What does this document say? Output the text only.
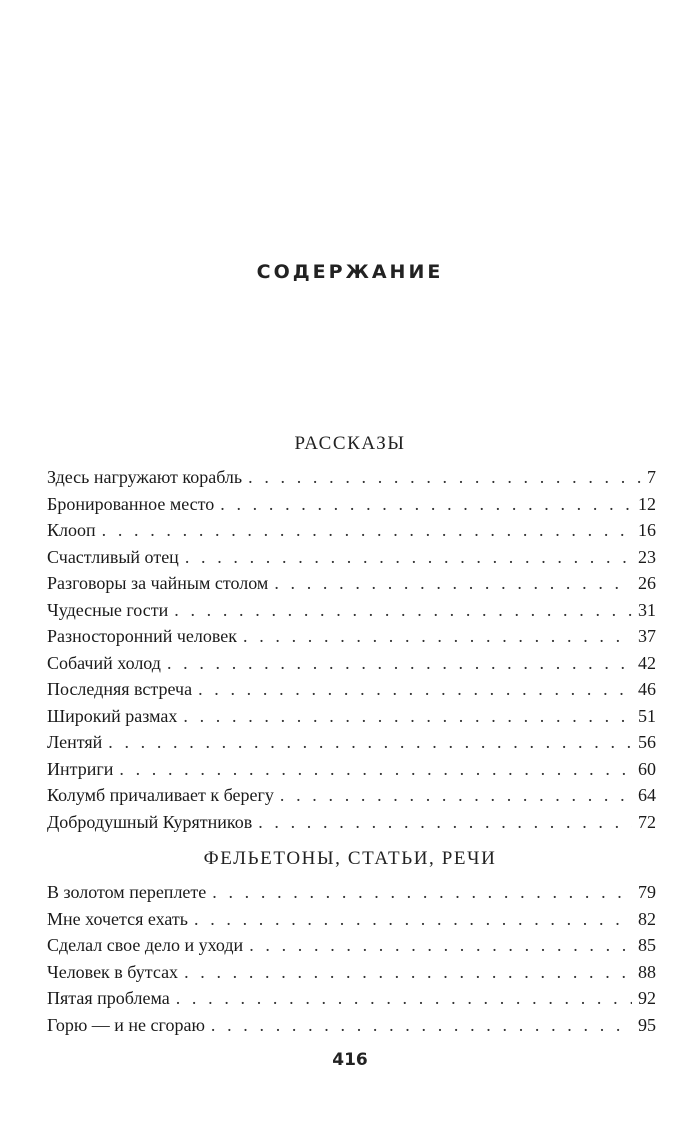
содержание
РАССКАЗЫ
Здесь нагружают корабль . . .	7
Бронированное место . . .	12
Клооп . . .	16
Счастливый отец . . .	23
Разговоры за чайным столом . . .	26
Чудесные гости . . .	31
Разносторонний человек . . .	37
Собачий холод . . .	42
Последняя встреча . . .	46
Широкий размах . . .	51
Лентяй . . .	56
Интриги . . .	60
Колумб причаливает к берегу . . .	64
Добродушный Курятников . . .	72
ФЕЛЬЕТОНЫ, СТАТЬИ, РЕЧИ
В золотом переплете . . .	79
Мне хочется ехать . . .	82
Сделал свое дело и уходи . . .	85
Человек в бутсах . . .	88
Пятая проблема . . .	92
Горю — и не сгораю . . .	95
416
